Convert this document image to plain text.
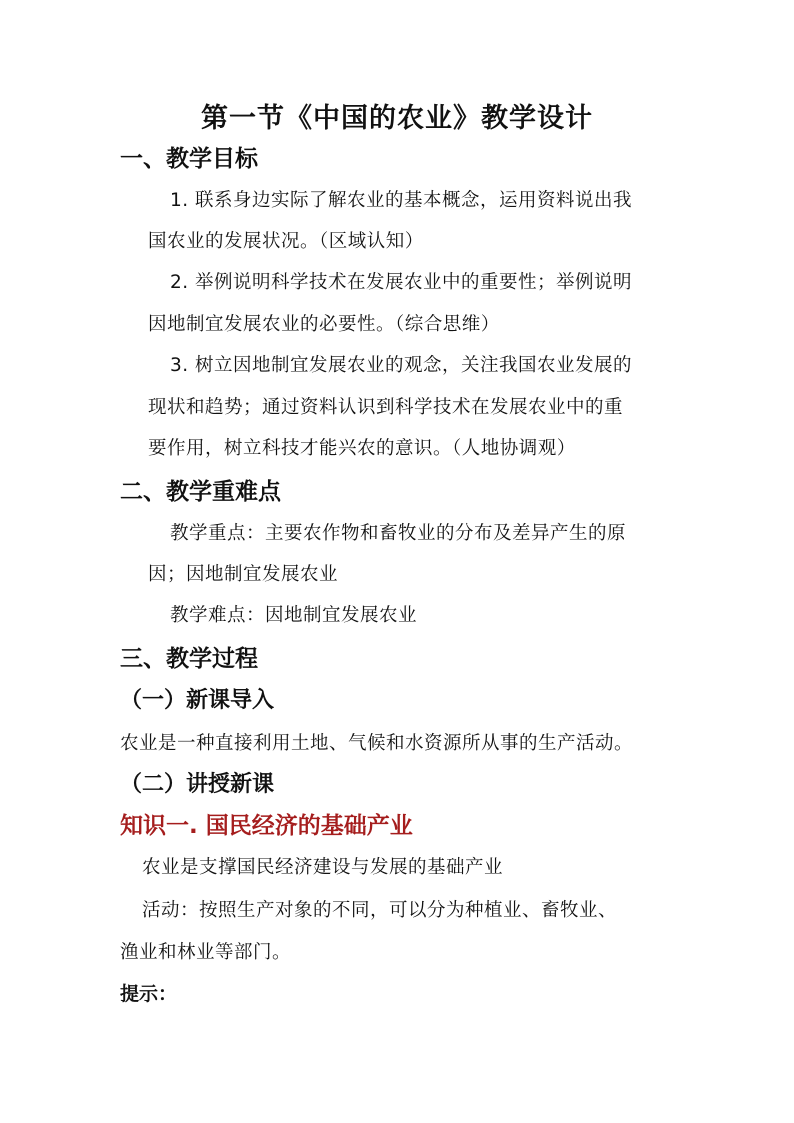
第一节《中国的农业》教学设计
一、教学目标
1. 联系身边实际了解农业的基本概念，运用资料说出我
国农业的发展状况。（区域认知）
2. 举例说明科学技术在发展农业中的重要性；举例说明
因地制宜发展农业的必要性。（综合思维）
3. 树立因地制宜发展农业的观念，关注我国农业发展的
现状和趋势；通过资料认识到科学技术在发展农业中的重
要作用，树立科技才能兴农的意识。（人地协调观）
二、教学重难点
教学重点：主要农作物和畜牧业的分布及差异产生的原
因；因地制宜发展农业
教学难点：因地制宜发展农业
三、教学过程
（一）新课导入
农业是一种直接利用土地、气候和水资源所从事的生产活动。
（二）讲授新课
知识一. 国民经济的基础产业
农业是支撑国民经济建设与发展的基础产业
活动：按照生产对象的不同，可以分为种植业、畜牧业、
渔业和林业等部门。
提示：
